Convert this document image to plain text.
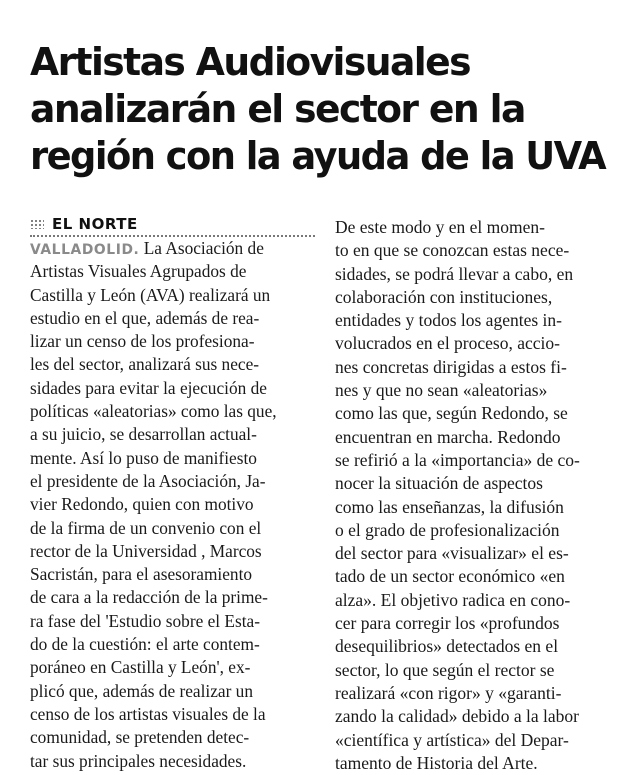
Artistas Audiovisuales
analizarán el sector en la
región con la ayuda de la UVA
EL NORTE
VALLADOLID. La Asociación de
Artistas Visuales Agrupados de
Castilla y León (AVA) realizará un
estudio en el que, además de rea-
lizar un censo de los profesiona-
les del sector, analizará sus nece-
sidades para evitar la ejecución de
políticas «aleatorias» como las que,
a su juicio, se desarrollan actual-
mente. Así lo puso de manifiesto
el presidente de la Asociación, Ja-
vier Redondo, quien con motivo
de la firma de un convenio con el
rector de la Universidad , Marcos
Sacristán, para el asesoramiento
de cara a la redacción de la prime-
ra fase del 'Estudio sobre el Esta-
do de la cuestión: el arte contem-
poráneo en Castilla y León', ex-
plicó que, además de realizar un
censo de los artistas visuales de la
comunidad, se pretenden detec-
tar sus principales necesidades.
De este modo y en el momen-
to en que se conozcan estas nece-
sidades, se podrá llevar a cabo, en
colaboración con instituciones,
entidades y todos los agentes in-
volucrados en el proceso, accio-
nes concretas dirigidas a estos fi-
nes y que no sean «aleatorias»
como las que, según Redondo, se
encuentran en marcha. Redondo
se refirió a la «importancia» de co-
nocer la situación de aspectos
como las enseñanzas, la difusión
o el grado de profesionalización
del sector para «visualizar» el es-
tado de un sector económico «en
alza». El objetivo radica en cono-
cer para corregir los «profundos
desequilibrios» detectados en el
sector, lo que según el rector se
realizará «con rigor» y «garanti-
zando la calidad» debido a la labor
«científica y artística» del Depar-
tamento de Historia del Arte.
